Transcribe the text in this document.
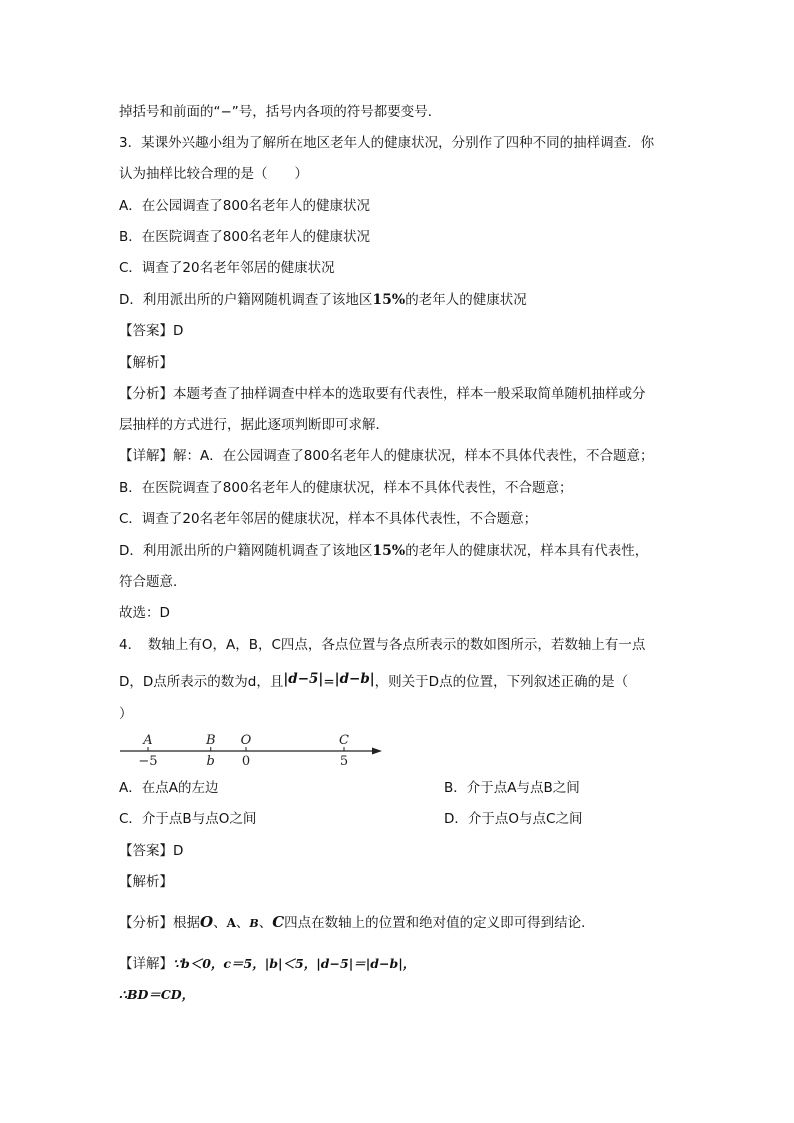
掉括号和前面的“−”号，括号内各项的符号都要变号．
3．某课外兴趣小组为了解所在地区老年人的健康状况，分别作了四种不同的抽样调查．你
认为抽样比较合理的是（　　）
A．在公园调查了800名老年人的健康状况
B．在医院调查了800名老年人的健康状况
C．调查了20名老年邻居的健康状况
D．利用派出所的户籍网随机调查了该地区15%的老年人的健康状况
【答案】D
【解析】
【分析】本题考查了抽样调查中样本的选取要有代表性，样本一般采取简单随机抽样或分
层抽样的方式进行，据此逐项判断即可求解．
【详解】解：A．在公园调查了800名老年人的健康状况，样本不具体代表性，不合题意；
B．在医院调查了800名老年人的健康状况，样本不具体代表性，不合题意；
C．调查了20名老年邻居的健康状况，样本不具体代表性，不合题意；
D．利用派出所的户籍网随机调查了该地区15%的老年人的健康状况，样本具有代表性，
符合题意．
故选：D
4．　数轴上有O，A，B，C四点，各点位置与各点所表示的数如图所示，若数轴上有一点
D，D点所表示的数为d，且|d−5|=|d−b|，则关于D点的位置，下列叙述正确的是（
）
A
−5
B
b
O
0
C
5
A．在点A的左边	B．介于点A与点B之间
C．介于点B与点O之间	D．介于点O与点C之间
【答案】D
【解析】
【分析】根据O、A、B、C四点在数轴上的位置和绝对值的定义即可得到结论．
【详解】∵b＜0，c＝5，|b|＜5，|d−5|＝|d−b|，
∴BD＝CD，
